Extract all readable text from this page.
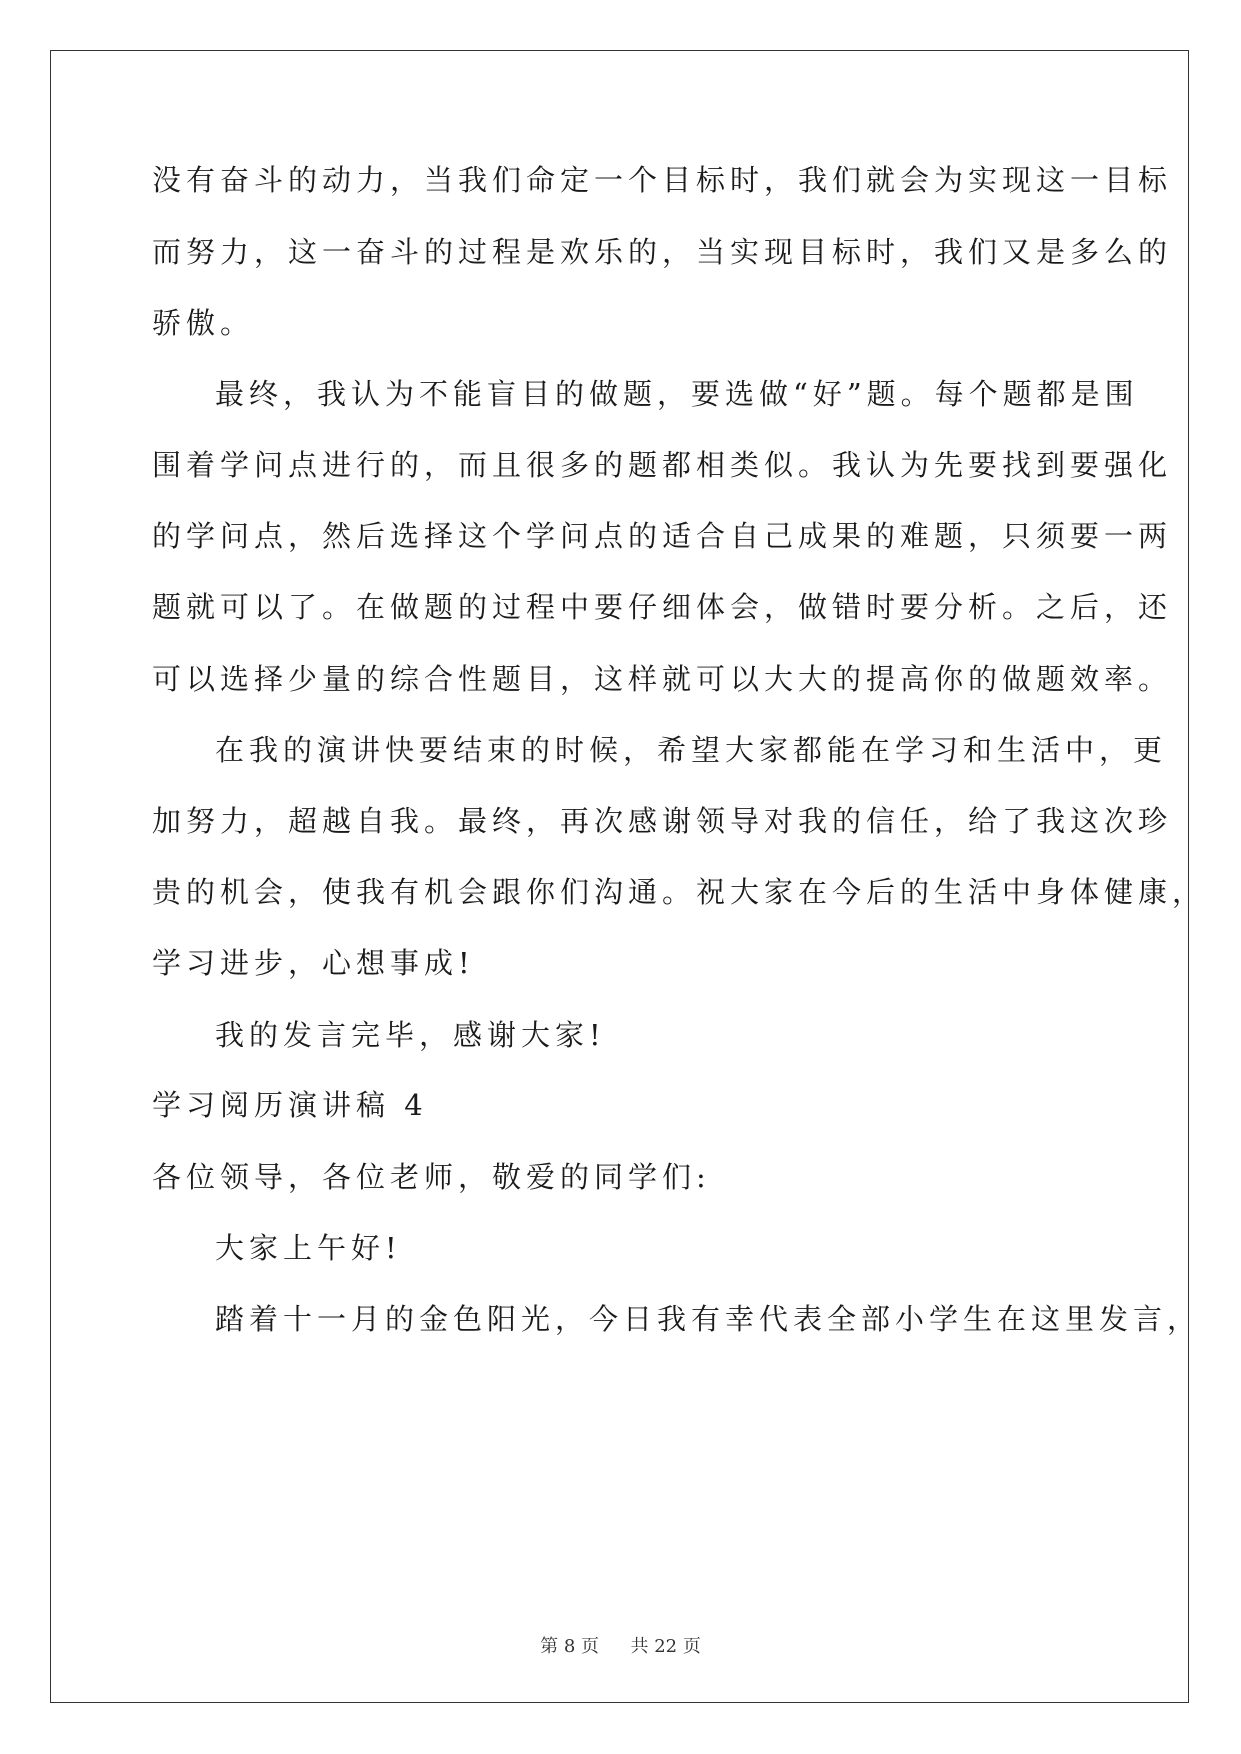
没有奋斗的动力，当我们命定一个目标时，我们就会为实现这一目标
而努力，这一奋斗的过程是欢乐的，当实现目标时，我们又是多么的
骄傲。
最终，我认为不能盲目的做题，要选做“好”题。每个题都是围
围着学问点进行的，而且很多的题都相类似。我认为先要找到要强化
的学问点，然后选择这个学问点的适合自己成果的难题，只须要一两
题就可以了。在做题的过程中要仔细体会，做错时要分析。之后，还
可以选择少量的综合性题目，这样就可以大大的提高你的做题效率。
在我的演讲快要结束的时候，希望大家都能在学习和生活中，更
加努力，超越自我。最终，再次感谢领导对我的信任，给了我这次珍
贵的机会，使我有机会跟你们沟通。祝大家在今后的生活中身体健康，
学习进步，心想事成!
我的发言完毕，感谢大家!
学习阅历演讲稿 4
各位领导，各位老师，敬爱的同学们:
大家上午好!
踏着十一月的金色阳光，今日我有幸代表全部小学生在这里发言，
第 8 页 共 22 页
